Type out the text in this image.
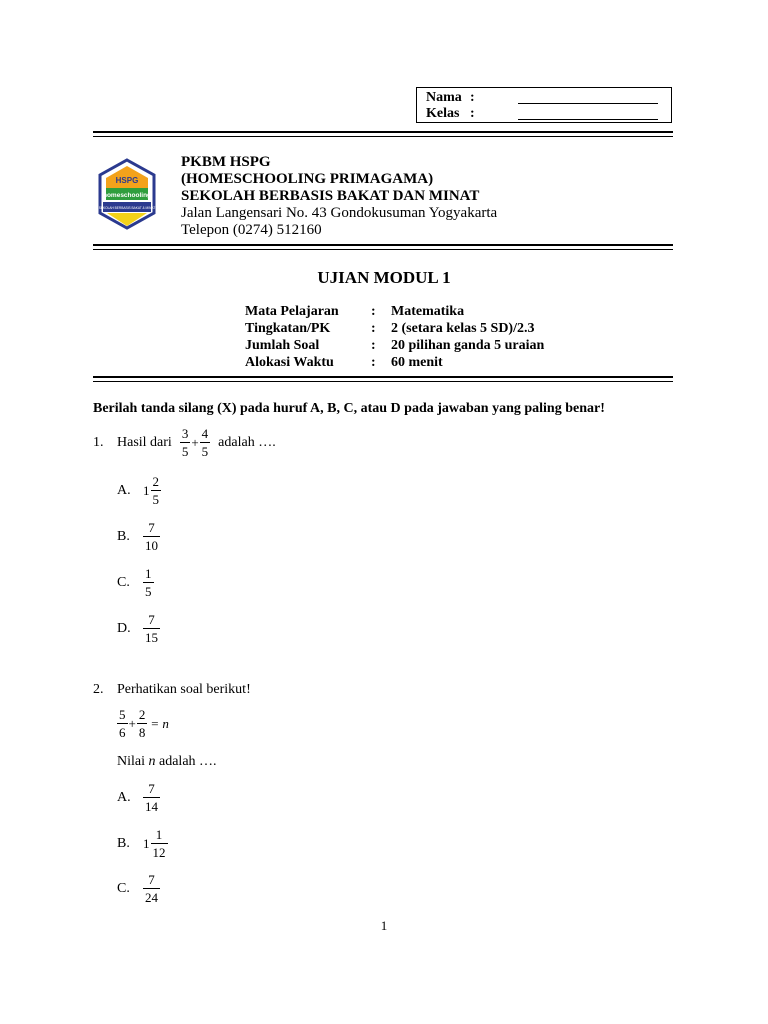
Nama :
Kelas :
HSPG
homeschooling
SEKOLAH BERBASIS BAKAT & MINAT
PKBM HSPG
(HOMESCHOOLING PRIMAGAMA)
SEKOLAH BERBASIS BAKAT DAN MINAT
Jalan Langensari No. 43 Gondokusuman Yogyakarta
Telepon (0274) 512160
UJIAN MODUL 1
Mata Pelajaran	:	Matematika
Tingkatan/PK	:	2 (setara kelas 5 SD)/2.3
Jumlah Soal	:	20 pilihan ganda 5 uraian
Alokasi Waktu	:	60 menit
Berilah tanda silang (X) pada huruf A, B, C, atau D pada jawaban yang paling benar!
1. Hasil dari $\frac{3}{5} + \frac{4}{5}$ adalah ….
A. $1 \frac{2}{5}$
B.	$\frac{7}{10}$
C.	$\frac{1}{5}$
D. $\frac{7}{15}$
2. Perhatikan soal berikut!
$\frac{5}{6} + \frac{2}{8} = n$
Nilai n adalah ….
A. $\frac{7}{14}$
B.	$1 \frac{1}{12}$
C.	$\frac{7}{24}$
1
